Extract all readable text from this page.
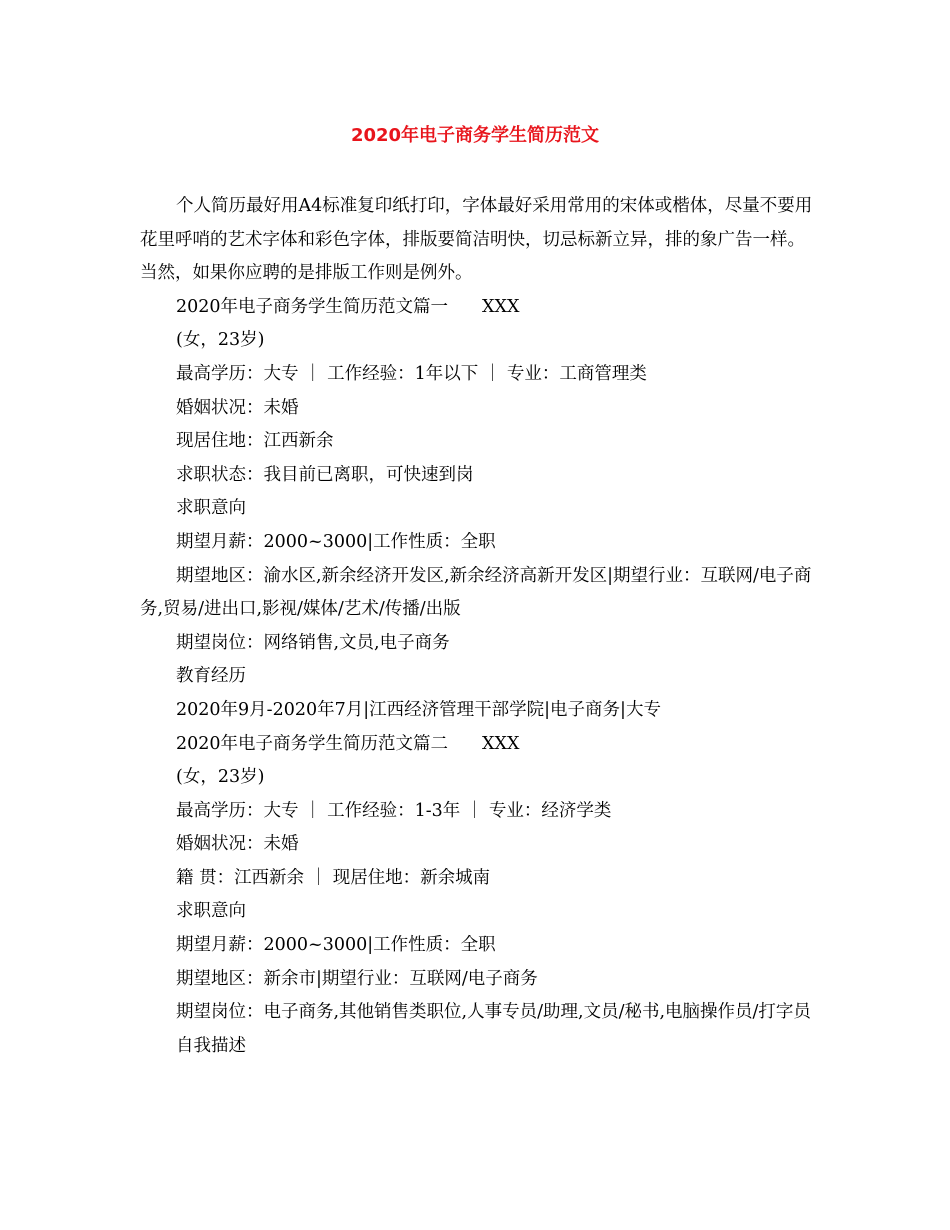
2020年电子商务学生简历范文

个人简历最好用A4标准复印纸打印，字体最好采用常用的宋体或楷体，尽量不要用花里呼哨的艺术字体和彩色字体，排版要简洁明快，切忌标新立异，排的象广告一样。当然，如果你应聘的是排版工作则是例外。

2020年电子商务学生简历范文篇一 XXX

(女，23岁)

最高学历：大专 ｜ 工作经验：1年以下 ｜ 专业：工商管理类

婚姻状况：未婚

现居住地：江西新余

求职状态：我目前已离职，可快速到岗

求职意向

期望月薪：2000~3000|工作性质：全职

期望地区：渝水区,新余经济开发区,新余经济高新开发区|期望行业：互联网/电子商务,贸易/进出口,影视/媒体/艺术/传播/出版

期望岗位：网络销售,文员,电子商务

教育经历

2020年9月-2020年7月|江西经济管理干部学院|电子商务|大专

2020年电子商务学生简历范文篇二 XXX

(女，23岁)

最高学历：大专 ｜ 工作经验：1-3年 ｜ 专业：经济学类

婚姻状况：未婚

籍 贯：江西新余 ｜ 现居住地：新余城南

求职意向

期望月薪：2000~3000|工作性质：全职

期望地区：新余市|期望行业：互联网/电子商务

期望岗位：电子商务,其他销售类职位,人事专员/助理,文员/秘书,电脑操作员/打字员

自我描述
